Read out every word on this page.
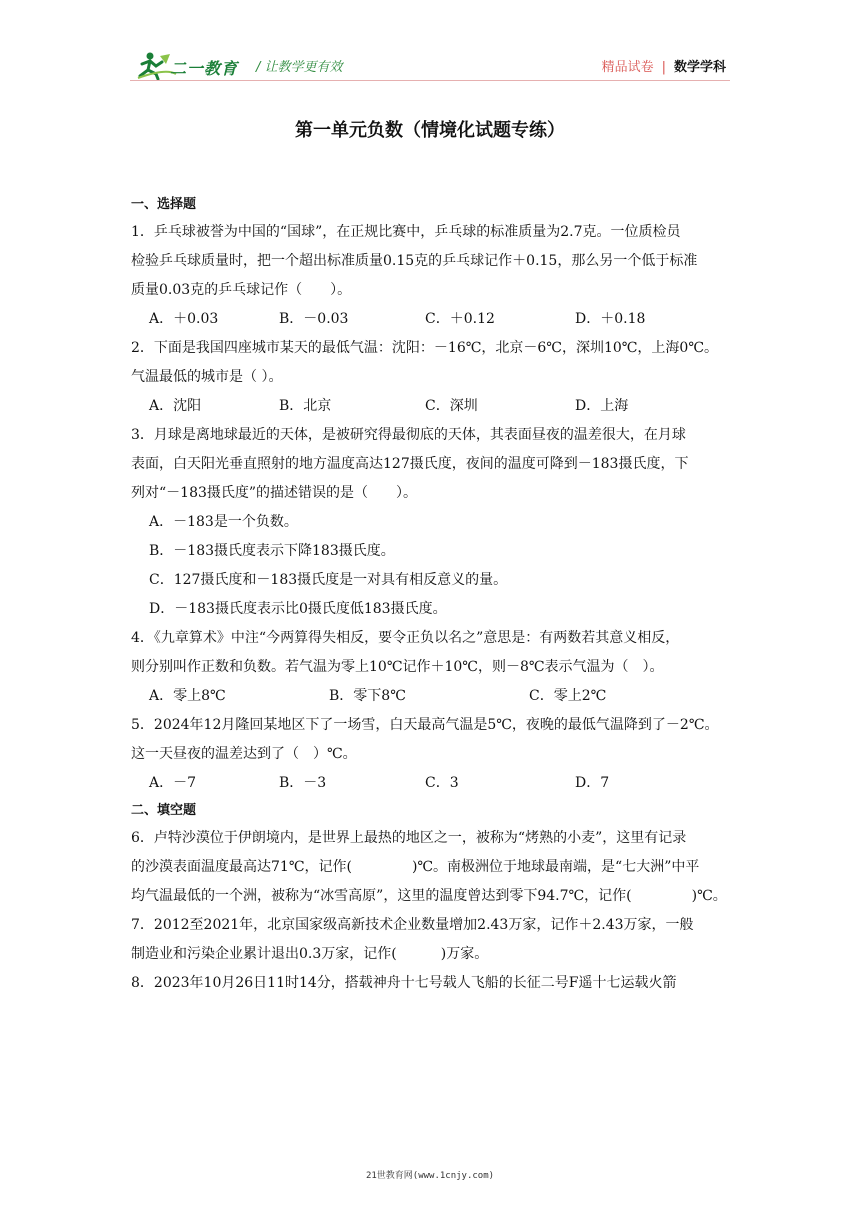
二一教育 / 让教学更有效	精品试卷 | 数学学科
第一单元负数（情境化试题专练）
一、选择题
1．乒乓球被誉为中国的“国球”，在正规比赛中，乒乓球的标准质量为2.7克。一位质检员
检验乒乓球质量时，把一个超出标准质量0.15克的乒乓球记作＋0.15，那么另一个低于标准
质量0.03克的乒乓球记作（　　）。
A．＋0.03	B．－0.03	C．＋0.12	D．＋0.18
2．下面是我国四座城市某天的最低气温：沈阳：－16℃，北京－6℃，深圳10℃，上海0℃。
气温最低的城市是（ ）。
A．沈阳	B．北京	C．深圳	D．上海
3．月球是离地球最近的天体，是被研究得最彻底的天体，其表面昼夜的温差很大，在月球
表面，白天阳光垂直照射的地方温度高达127摄氏度，夜间的温度可降到－183摄氏度，下
列对“－183摄氏度”的描述错误的是（　　）。
A．－183是一个负数。
B．－183摄氏度表示下降183摄氏度。
C．127摄氏度和－183摄氏度是一对具有相反意义的量。
D．－183摄氏度表示比0摄氏度低183摄氏度。
4．《九章算术》中注“今两算得失相反，要令正负以名之”意思是：有两数若其意义相反，
则分别叫作正数和负数。若气温为零上10℃记作＋10℃，则－8℃表示气温为（　）。
A．零上8℃	B．零下8℃	C．零上2℃
5．2024年12月隆回某地区下了一场雪，白天最高气温是5℃，夜晚的最低气温降到了－2℃。
这一天昼夜的温差达到了（　）℃。
A．－7	B．－3	C．3	D．7
二、填空题
6．卢特沙漠位于伊朗境内，是世界上最热的地区之一，被称为“烤熟的小麦”，这里有记录
的沙漠表面温度最高达71℃，记作(	)℃。南极洲位于地球最南端，是“七大洲”中平
均气温最低的一个洲，被称为“冰雪高原”，这里的温度曾达到零下94.7℃，记作(	)℃。
7．2012至2021年，北京国家级高新技术企业数量增加2.43万家，记作＋2.43万家，一般
制造业和污染企业累计退出0.3万家，记作(	)万家。
8．2023年10月26日11时14分，搭载神舟十七号载人飞船的长征二号F遥十七运载火箭
21世教育网(www.1cnjy.com)
